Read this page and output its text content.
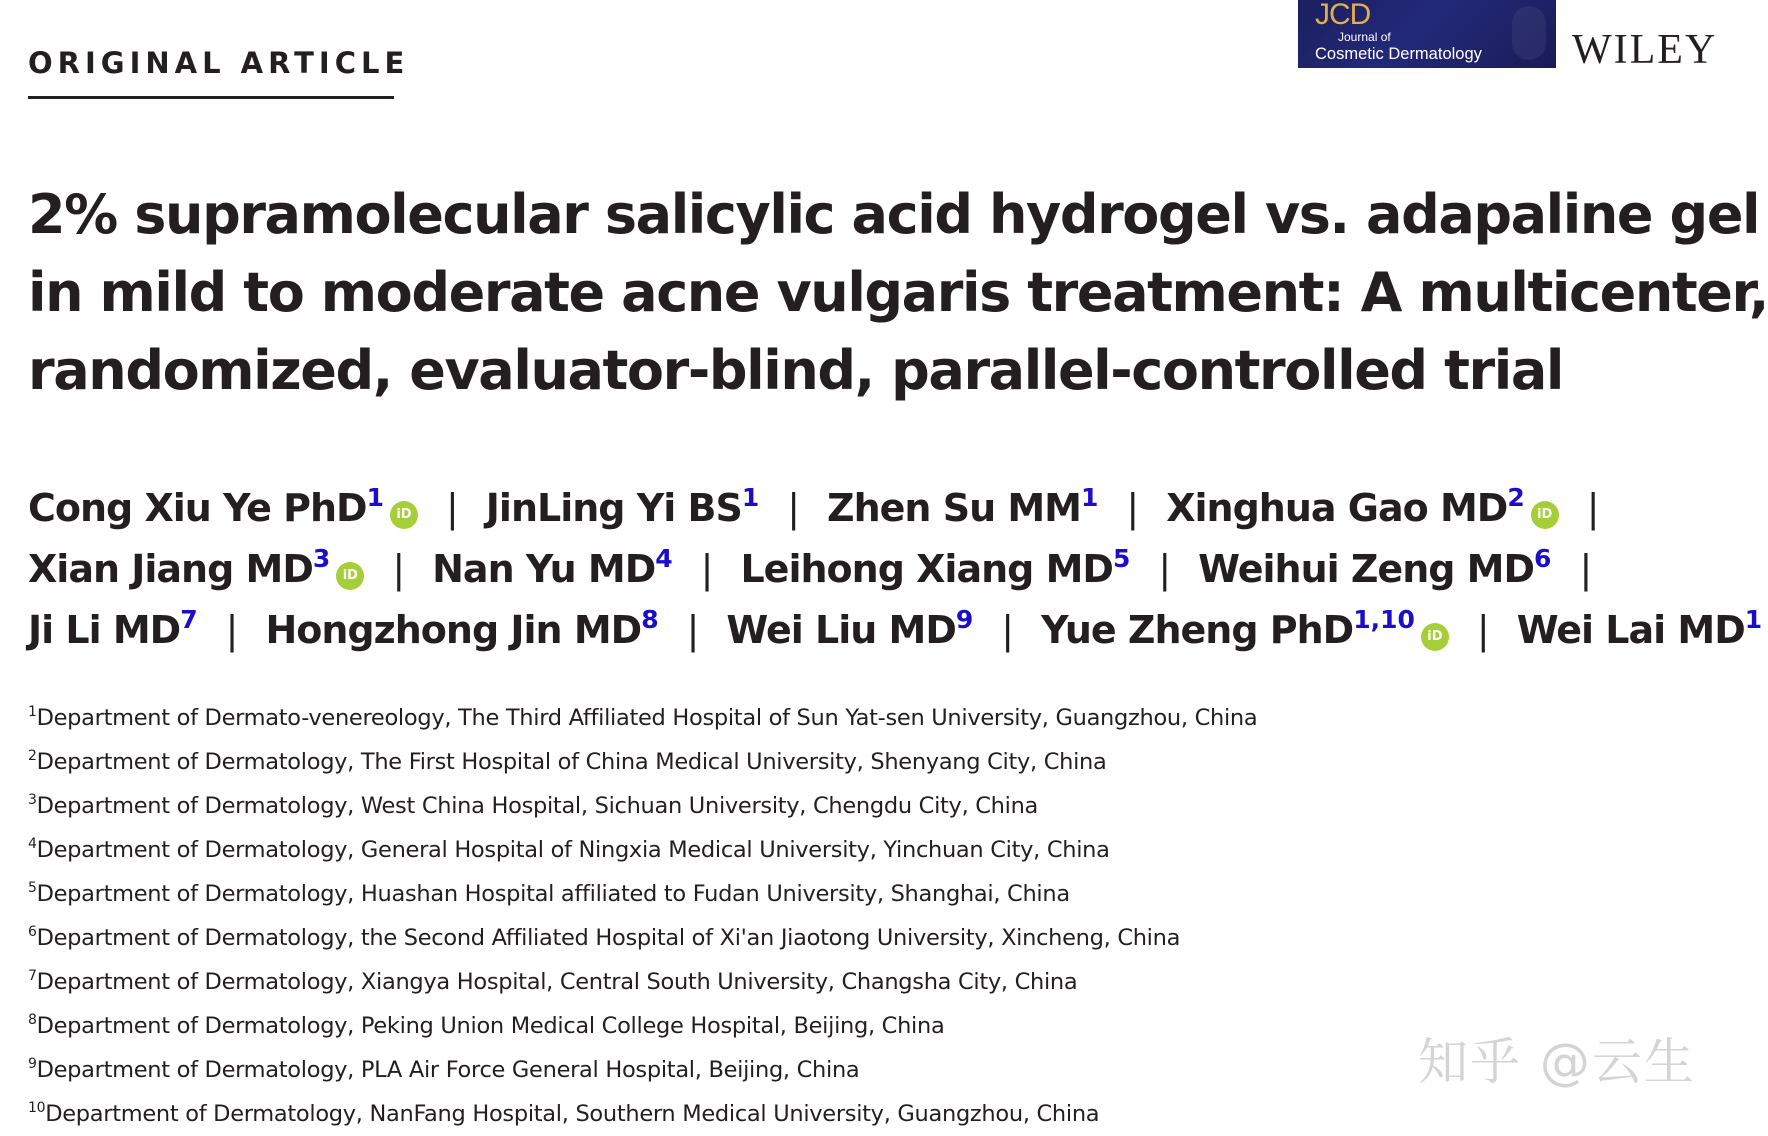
ORIGINAL ARTICLE
JCD
Journal of
Cosmetic Dermatology WILEY
2% supramolecular salicylic acid hydrogel vs. adapaline gel
in mild to moderate acne vulgaris treatment: A multicenter,
randomized, evaluator-blind, parallel-controlled trial
Cong Xiu Ye PhD$^1$iD | JinLing Yi $BS^1$ | Zhen Su $MM^1$ | Xinghua Gao $MD^2iD$ |
Xian Jiang $MD^3iD$ | Nan Yu $MD^4$ | Leihong Xiang $MD^5$ | Weihui Zeng $MD^6$ |
Ji Li $MD^7$ | Hongzhong Jin $MD^8$ | Wei Liu $MD^9$ | Yue Zheng PhD$^{1,10}$iD | Wei Lai $MD^1$
$^1$Department of Dermato-venereology, The Third Affiliated Hospital of Sun Yat-sen University, Guangzhou, China
$^2$Department of Dermatology, The First Hospital of China Medical University, Shenyang City, China
$^3$Department of Dermatology, West China Hospital, Sichuan University, Chengdu City, China
$^4$Department of Dermatology, General Hospital of Ningxia Medical University, Yinchuan City, China
$^5$Department of Dermatology, Huashan Hospital affiliated to Fudan University, Shanghai, China
$^6$Department of Dermatology, the Second Affiliated Hospital of Xi'an Jiaotong University, Xincheng, China
$^7$Department of Dermatology, Xiangya Hospital, Central South University, Changsha City, China
$^8$Department of Dermatology, Peking Union Medical College Hospital, Beijing, China
$^9$Department of Dermatology, PLA Air Force General Hospital, Beijing, China
$^{10}$Department of Dermatology, NanFang Hospital, Southern Medical University, Guangzhou, China
知乎 @云生
